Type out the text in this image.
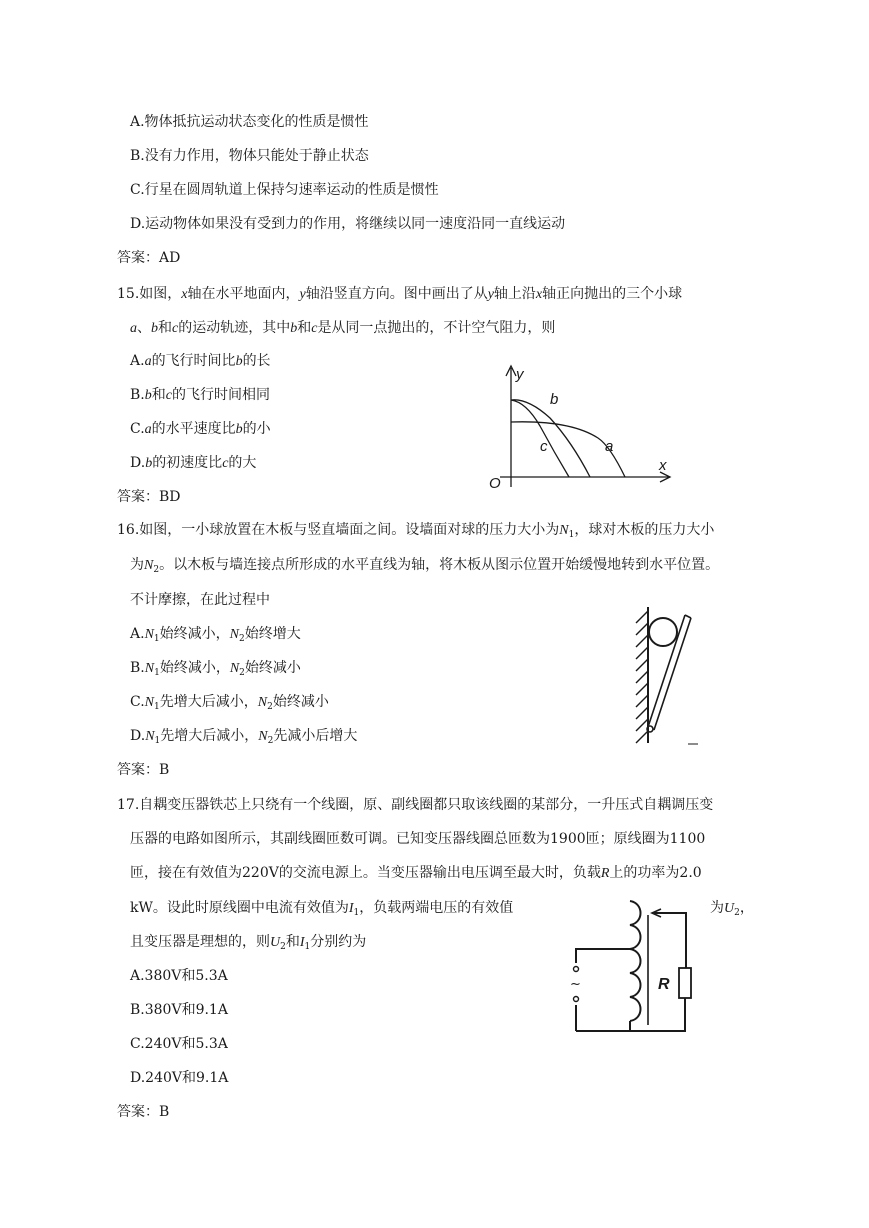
A.物体抵抗运动状态变化的性质是惯性
B.没有力作用，物体只能处于静止状态
C.行星在圆周轨道上保持匀速率运动的性质是惯性
D.运动物体如果没有受到力的作用，将继续以同一速度沿同一直线运动
答案：AD
15.如图，x轴在水平地面内，y轴沿竖直方向。图中画出了从y轴上沿x轴正向抛出的三个小球
a、b和c的运动轨迹，其中b和c是从同一点抛出的，不计空气阻力，则
A.a的飞行时间比b的长
B.b和c的飞行时间相同
C.a的水平速度比b的小
D.b的初速度比c的大
答案：BD
y
b
c	a
x
O
16.如图，一小球放置在木板与竖直墙面之间。设墙面对球的压力大小为$N_1$，球对木板的压力大小
为$N_2$。以木板与墙连接点所形成的水平直线为轴，将木板从图示位置开始缓慢地转到水平位置。
不计摩擦，在此过程中
$A.N_1$始终减小，$N_2$始终增大
$B.N_1$始终减小，$N_2$始终减小
$C.N_1$先增大后减小，$N_2$始终减小
$D.N_1$先增大后减小，$N_2$先减小后增大
答案：B
17.自耦变压器铁芯上只绕有一个线圈，原、副线圈都只取该线圈的某部分，一升压式自耦调压变
压器的电路如图所示，其副线圈匝数可调。已知变压器线圈总匝数为1900匝；原线圈为1100
匝，接在有效值为220V的交流电源上。当变压器输出电压调至最大时，负载R上的功率为2.0
kW。设此时原线圈中电流有效值为$I_1$，负载两端电压的有效值	为$U_2$，
且变压器是理想的，则$U_2$和$I_1$分别约为
A.380V和5.3A
B.380V和9.1A
C.240V和5.3A
D.240V和9.1A
答案：B
R
~
